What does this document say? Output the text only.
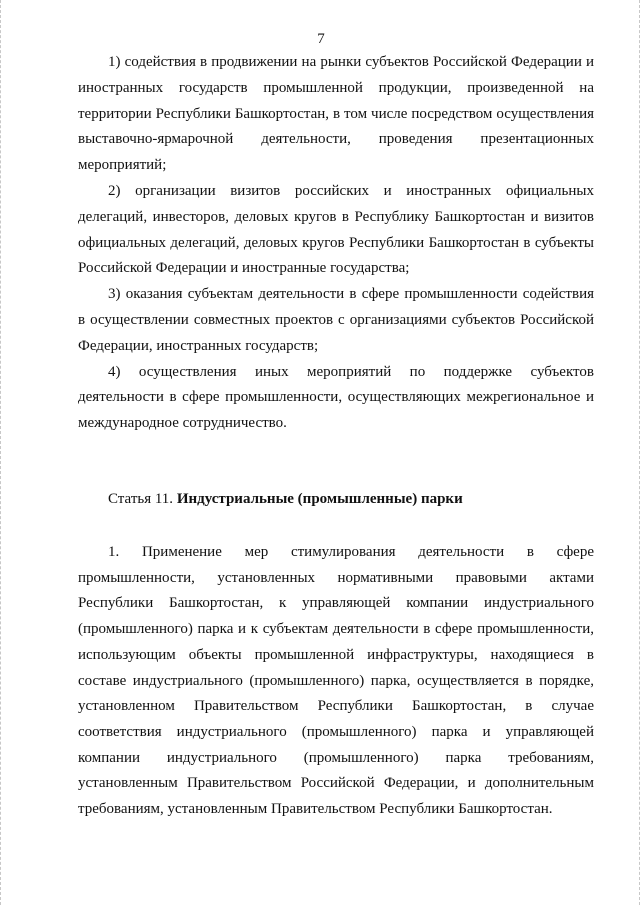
7

1) содействия в продвижении на рынки субъектов Российской Федерации и иностранных государств промышленной продукции, произведенной на территории Республики Башкортостан, в том числе посредством осуществления выставочно-ярмарочной деятельности, проведения презентационных мероприятий;

2) организации визитов российских и иностранных официальных делегаций, инвесторов, деловых кругов в Республику Башкортостан и визитов официальных делегаций, деловых кругов Республики Башкортостан в субъекты Российской Федерации и иностранные государства;

3) оказания субъектам деятельности в сфере промышленности содействия в осуществлении совместных проектов с организациями субъектов Российской Федерации, иностранных государств;

4) осуществления иных мероприятий по поддержке субъектов деятельности в сфере промышленности, осуществляющих межрегиональное и международное сотрудничество.

Статья 11. Индустриальные (промышленные) парки

1. Применение мер стимулирования деятельности в сфере промышленности, установленных нормативными правовыми актами Республики Башкортостан, к управляющей компании индустриального (промышленного) парка и к субъектам деятельности в сфере промышленности, использующим объекты промышленной инфраструктуры, находящиеся в составе индустриального (промышленного) парка, осуществляется в порядке, установленном Правительством Республики Башкортостан, в случае соответствия индустриального (промышленного) парка и управляющей компании индустриального (промышленного) парка требованиям, установленным Правительством Российской Федерации, и дополнительным требованиям, установленным Правительством Республики Башкортостан.
